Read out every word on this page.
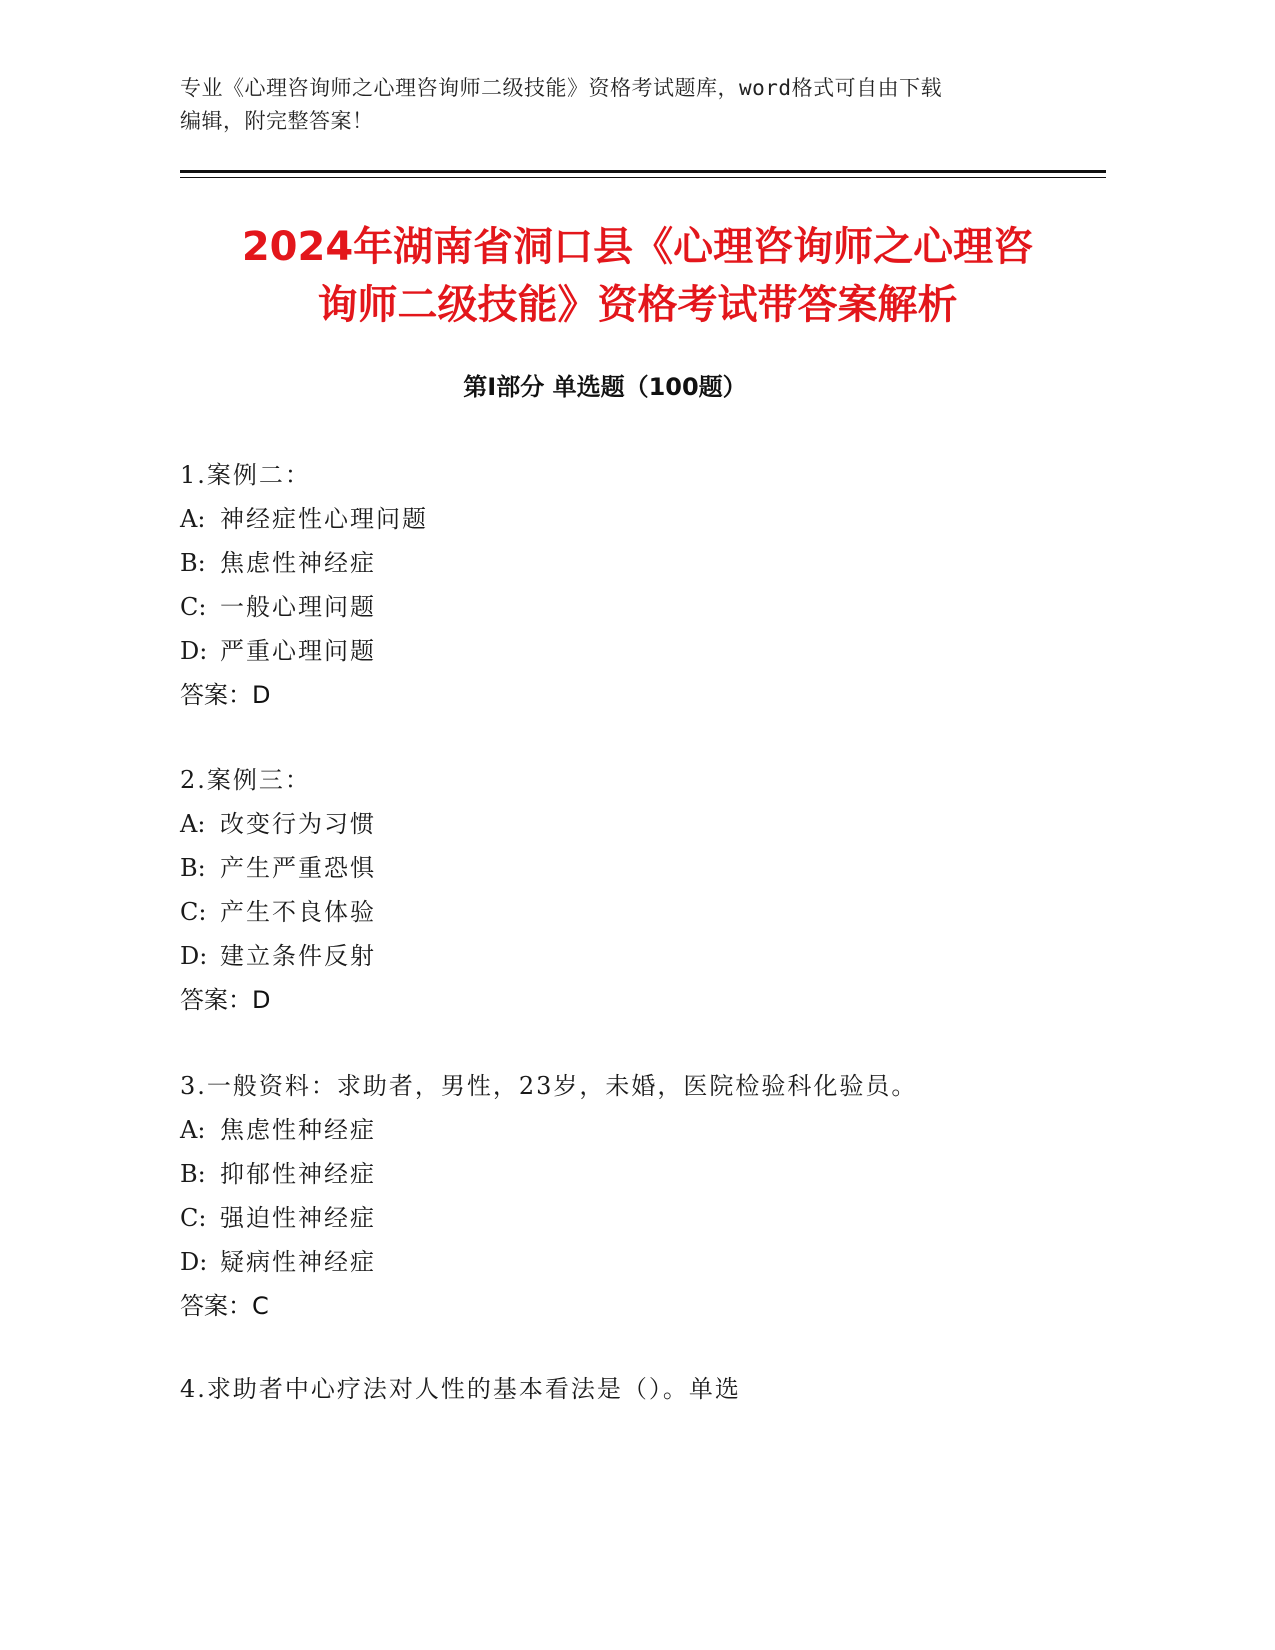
专业《心理咨询师之心理咨询师二级技能》资格考试题库，word格式可自由下载
编辑，附完整答案！
2024年湖南省洞口县《心理咨询师之心理咨
询师二级技能》资格考试带答案解析
第Ⅰ部分 单选题（100题）
1.案例二：
A: 神经症性心理问题
B: 焦虑性神经症
C: 一般心理问题
D: 严重心理问题
答案：D
2.案例三：
A: 改变行为习惯
B: 产生严重恐惧
C: 产生不良体验
D: 建立条件反射
答案：D
3.一般资料：求助者，男性，23岁，未婚，医院检验科化验员。
A: 焦虑性种经症
B: 抑郁性神经症
C: 强迫性神经症
D: 疑病性神经症
答案：C
4.求助者中心疗法对人性的基本看法是（）。单选
